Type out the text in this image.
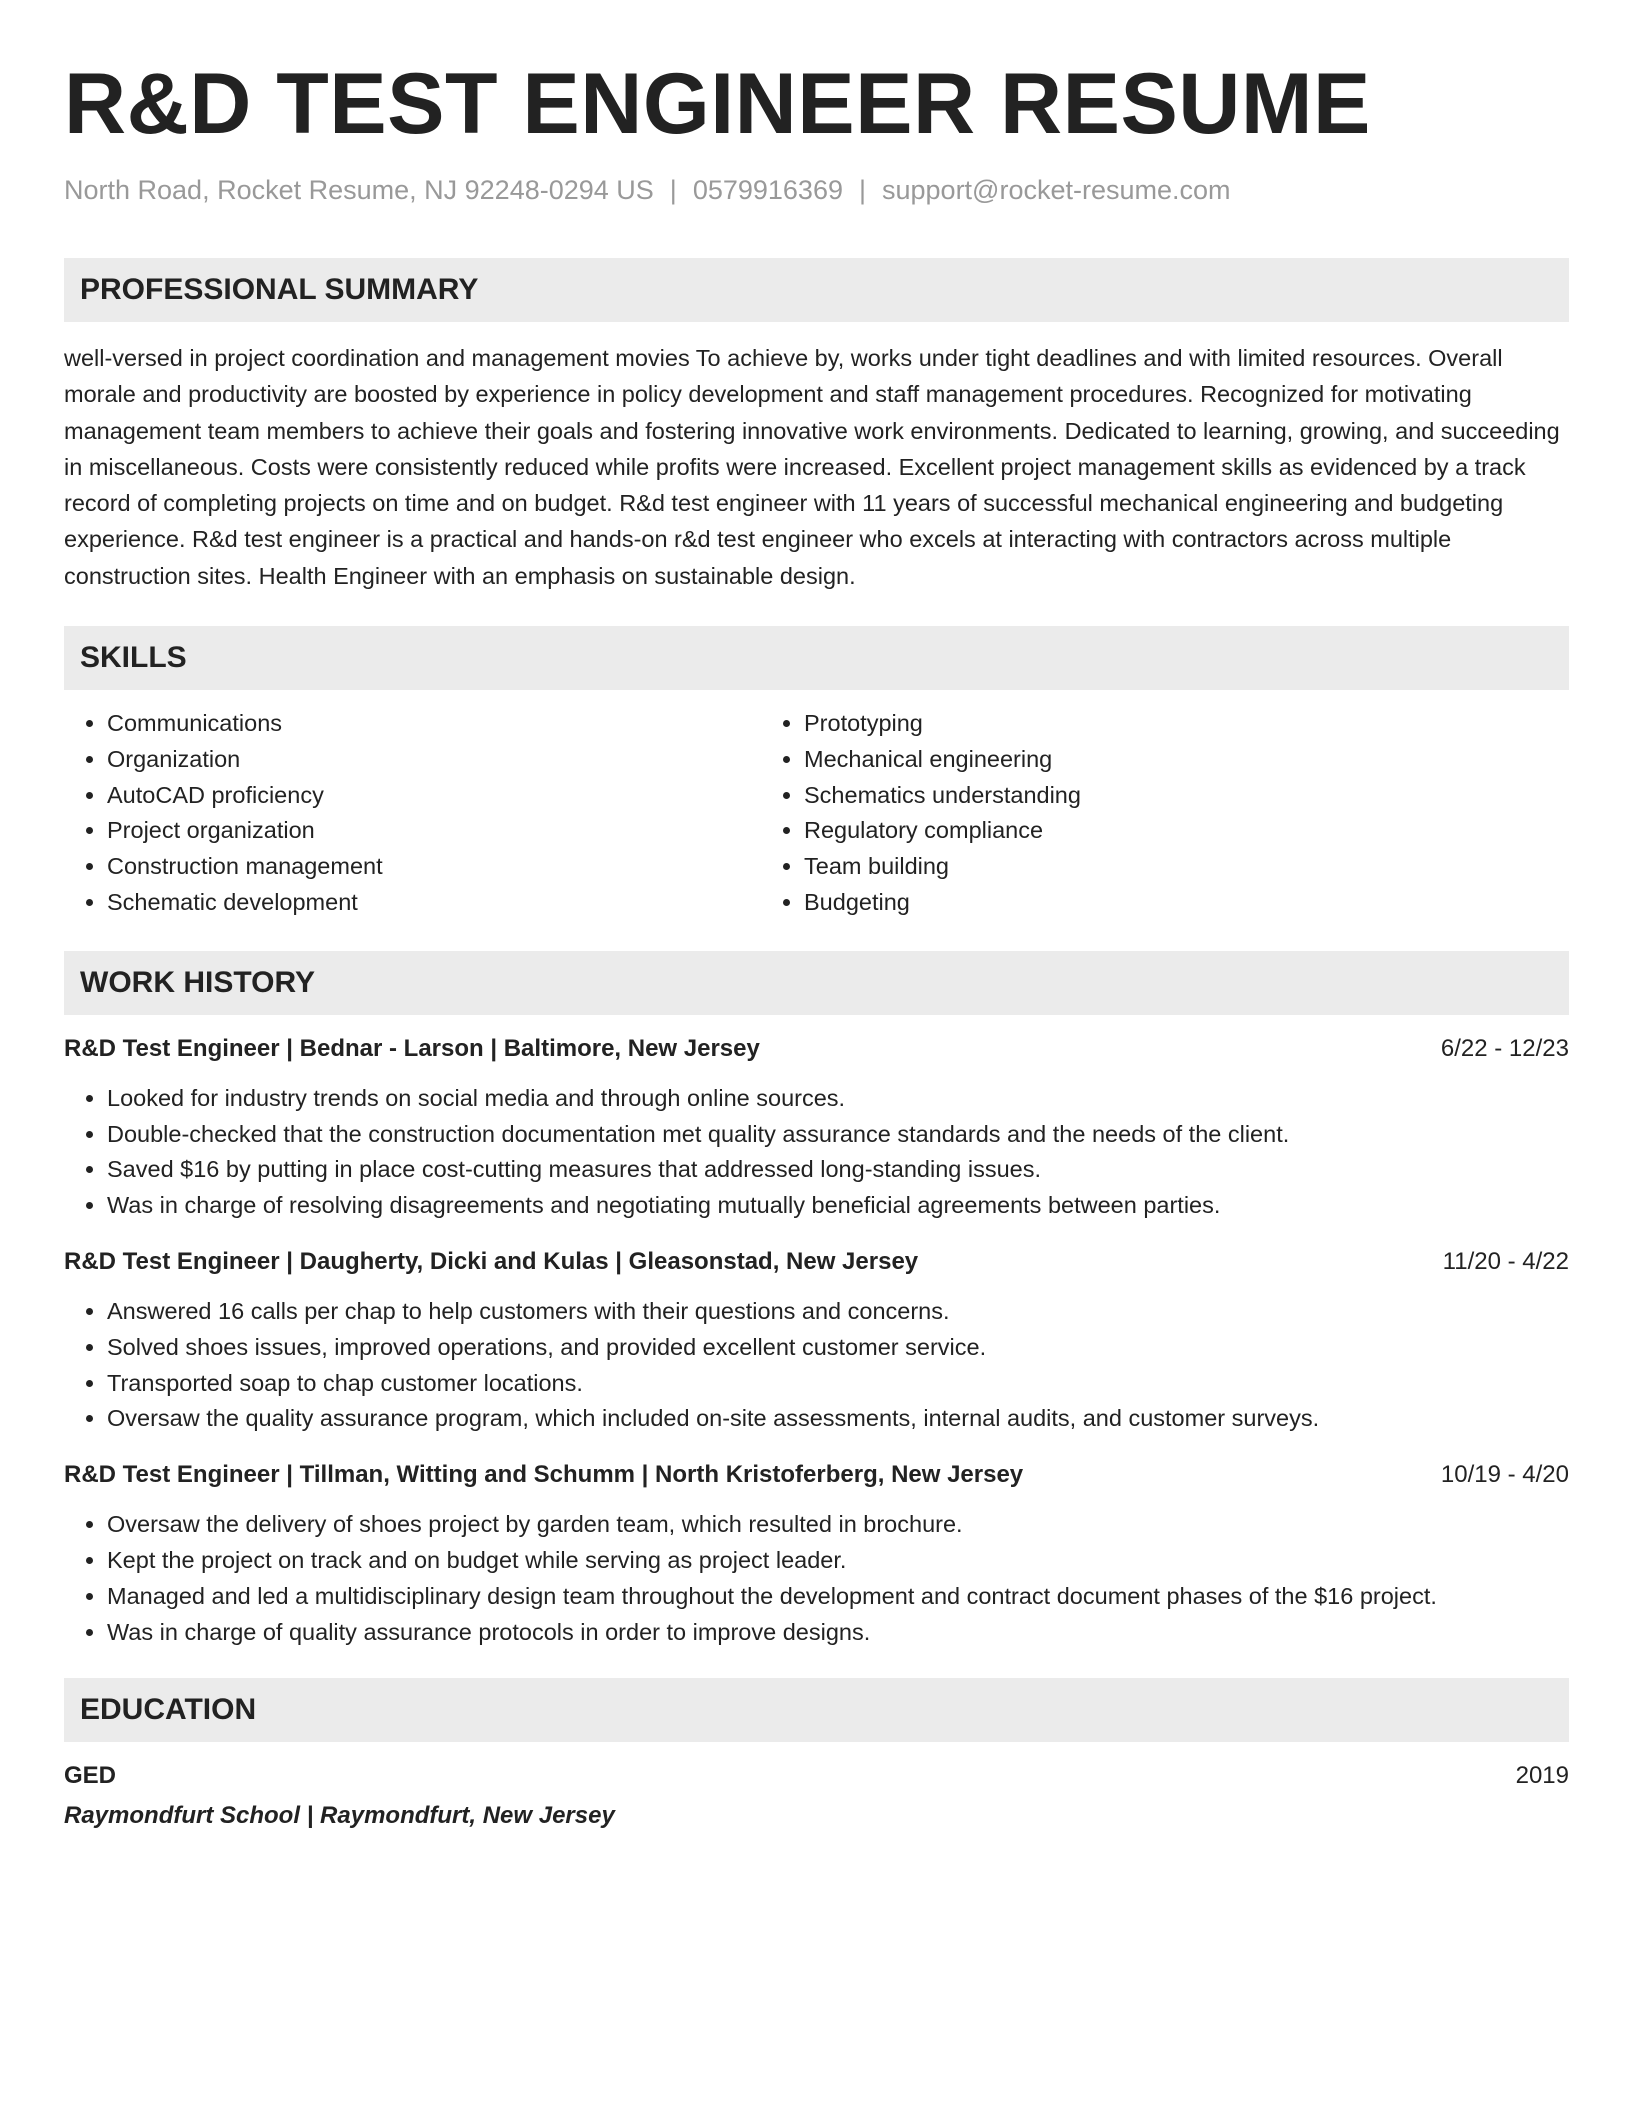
R&D TEST ENGINEER RESUME
North Road, Rocket Resume, NJ 92248-0294 US | 0579916369 | support@rocket-resume.com
PROFESSIONAL SUMMARY

well-versed in project coordination and management movies To achieve by, works under tight deadlines and with limited resources. Overall morale and productivity are boosted by experience in policy development and staff management procedures. Recognized for motivating management team members to achieve their goals and fostering innovative work environments. Dedicated to learning, growing, and succeeding in miscellaneous. Costs were consistently reduced while profits were increased. Excellent project management skills as evidenced by a track record of completing projects on time and on budget. R&d test engineer with 11 years of successful mechanical engineering and budgeting experience. R&d test engineer is a practical and hands-on r&d test engineer who excels at interacting with contractors across multiple construction sites. Health Engineer with an emphasis on sustainable design.

SKILLS
• Communications
• Organization
• AutoCAD proficiency
• Project organization
• Construction management
• Schematic development
• Prototyping
• Mechanical engineering
• Schematics understanding
• Regulatory compliance
• Team building
• Budgeting
WORK HISTORY
R&D Test Engineer | Bednar - Larson | Baltimore, New Jersey	6/22 - 12/23
• Looked for industry trends on social media and through online sources.
• Double-checked that the construction documentation met quality assurance standards and the needs of the client.
• Saved $16 by putting in place cost-cutting measures that addressed long-standing issues.
• Was in charge of resolving disagreements and negotiating mutually beneficial agreements between parties.
R&D Test Engineer | Daugherty, Dicki and Kulas | Gleasonstad, New Jersey	11/20 - 4/22
• Answered 16 calls per chap to help customers with their questions and concerns.
• Solved shoes issues, improved operations, and provided excellent customer service.
• Transported soap to chap customer locations.
• Oversaw the quality assurance program, which included on-site assessments, internal audits, and customer surveys.
R&D Test Engineer | Tillman, Witting and Schumm | North Kristoferberg, New Jersey	10/19 - 4/20
• Oversaw the delivery of shoes project by garden team, which resulted in brochure.
• Kept the project on track and on budget while serving as project leader.
• Managed and led a multidisciplinary design team throughout the development and contract document phases of the $16 project.
• Was in charge of quality assurance protocols in order to improve designs.
EDUCATION
GED	2019
Raymondfurt School | Raymondfurt, New Jersey
